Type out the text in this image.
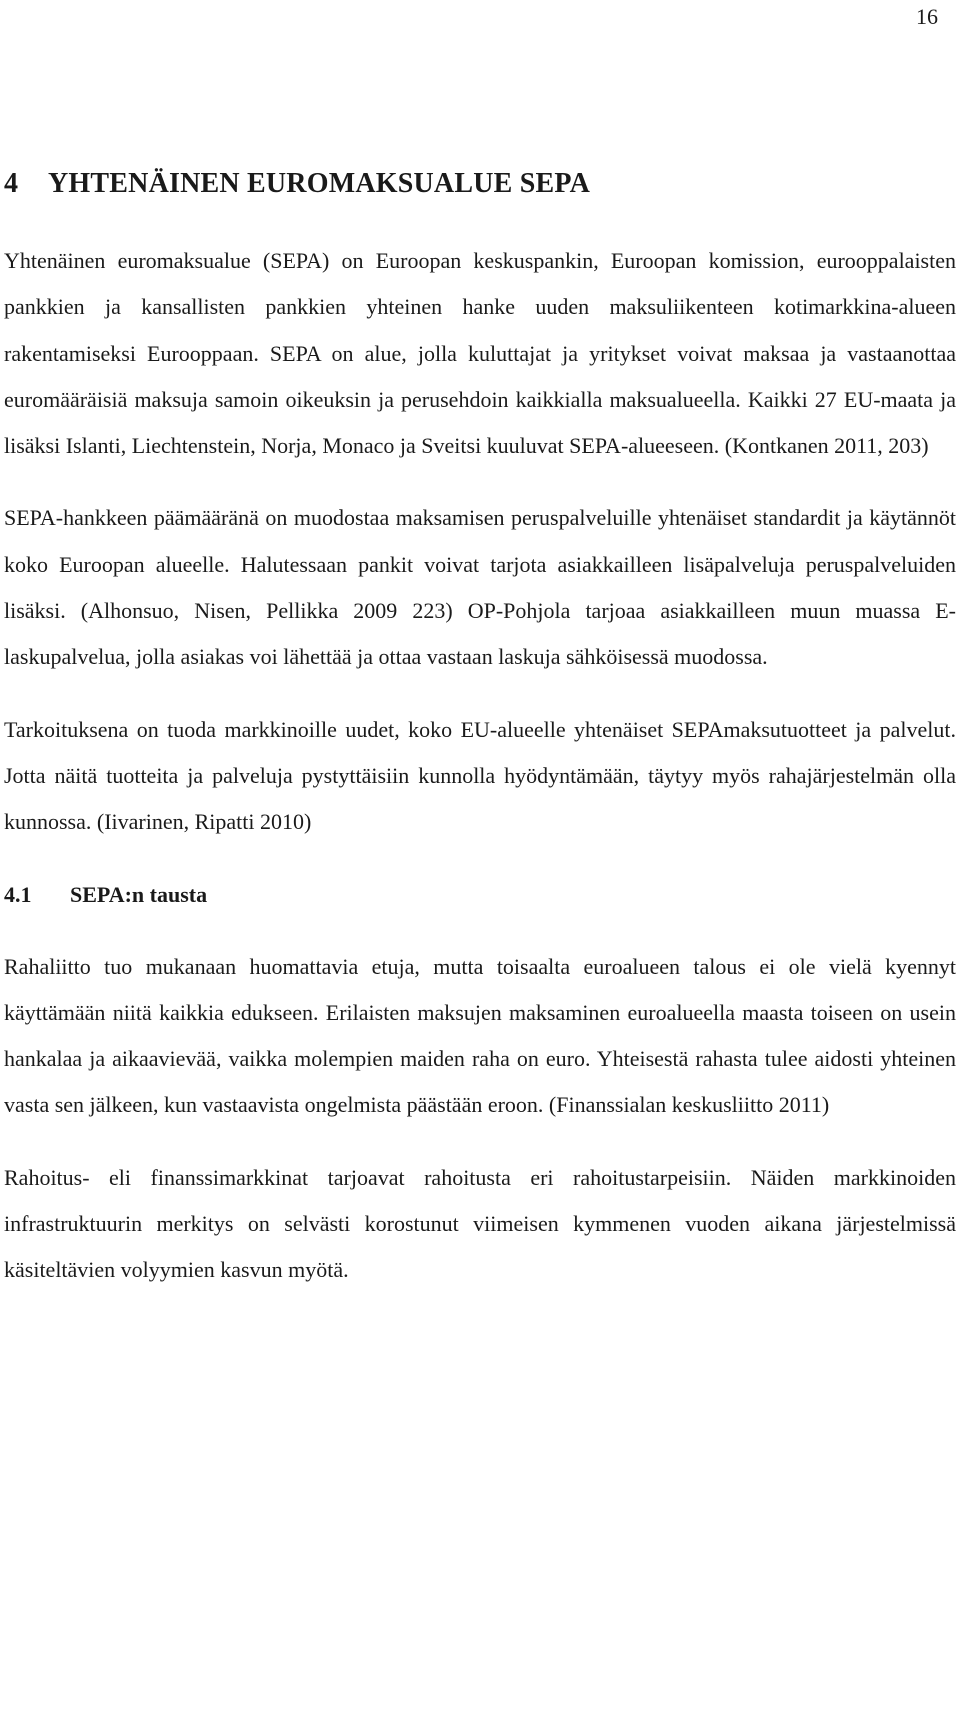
16
4 YHTENÄINEN EUROMAKSUALUE SEPA

Yhtenäinen euromaksualue (SEPA) on Euroopan keskuspankin, Euroopan komission, eurooppalaisten pankkien ja kansallisten pankkien yhteinen hanke uuden maksuliikenteen kotimarkkina-alueen rakentamiseksi Eurooppaan. SEPA on alue, jolla kuluttajat ja yritykset voivat maksaa ja vastaanottaa euromääräisiä maksuja samoin oikeuksin ja perusehdoin kaikkialla maksualueella. Kaikki 27 EU-maata ja lisäksi Islanti, Liechtenstein, Norja, Monaco ja Sveitsi kuuluvat SEPA-alueeseen. (Kontkanen 2011, 203)

SEPA-hankkeen päämääränä on muodostaa maksamisen peruspalveluille yhtenäiset standardit ja käytännöt koko Euroopan alueelle. Halutessaan pankit voivat tarjota asiakkailleen lisäpalveluja peruspalveluiden lisäksi. (Alhonsuo, Nisen, Pellikka 2009 223) OP-Pohjola tarjoaa asiakkailleen muun muassa E-laskupalvelua, jolla asiakas voi lähettää ja ottaa vastaan laskuja sähköisessä muodossa.

Tarkoituksena on tuoda markkinoille uudet, koko EU-alueelle yhtenäiset SEPAmaksutuotteet ja palvelut. Jotta näitä tuotteita ja palveluja pystyttäisiin kunnolla hyödyntämään, täytyy myös rahajärjestelmän olla kunnossa. (Iivarinen, Ripatti 2010)

4.1 SEPA:n tausta

Rahaliitto tuo mukanaan huomattavia etuja, mutta toisaalta euroalueen talous ei ole vielä kyennyt käyttämään niitä kaikkia edukseen. Erilaisten maksujen maksaminen euroalueella maasta toiseen on usein hankalaa ja aikaavievää, vaikka molempien maiden raha on euro. Yhteisestä rahasta tulee aidosti yhteinen vasta sen jälkeen, kun vastaavista ongelmista päästään eroon. (Finanssialan keskusliitto 2011)

Rahoitus- eli finanssimarkkinat tarjoavat rahoitusta eri rahoitustarpeisiin. Näiden markkinoiden infrastruktuurin merkitys on selvästi korostunut viimeisen kymmenen vuoden aikana järjestelmissä käsiteltävien volyymien kasvun myötä.
